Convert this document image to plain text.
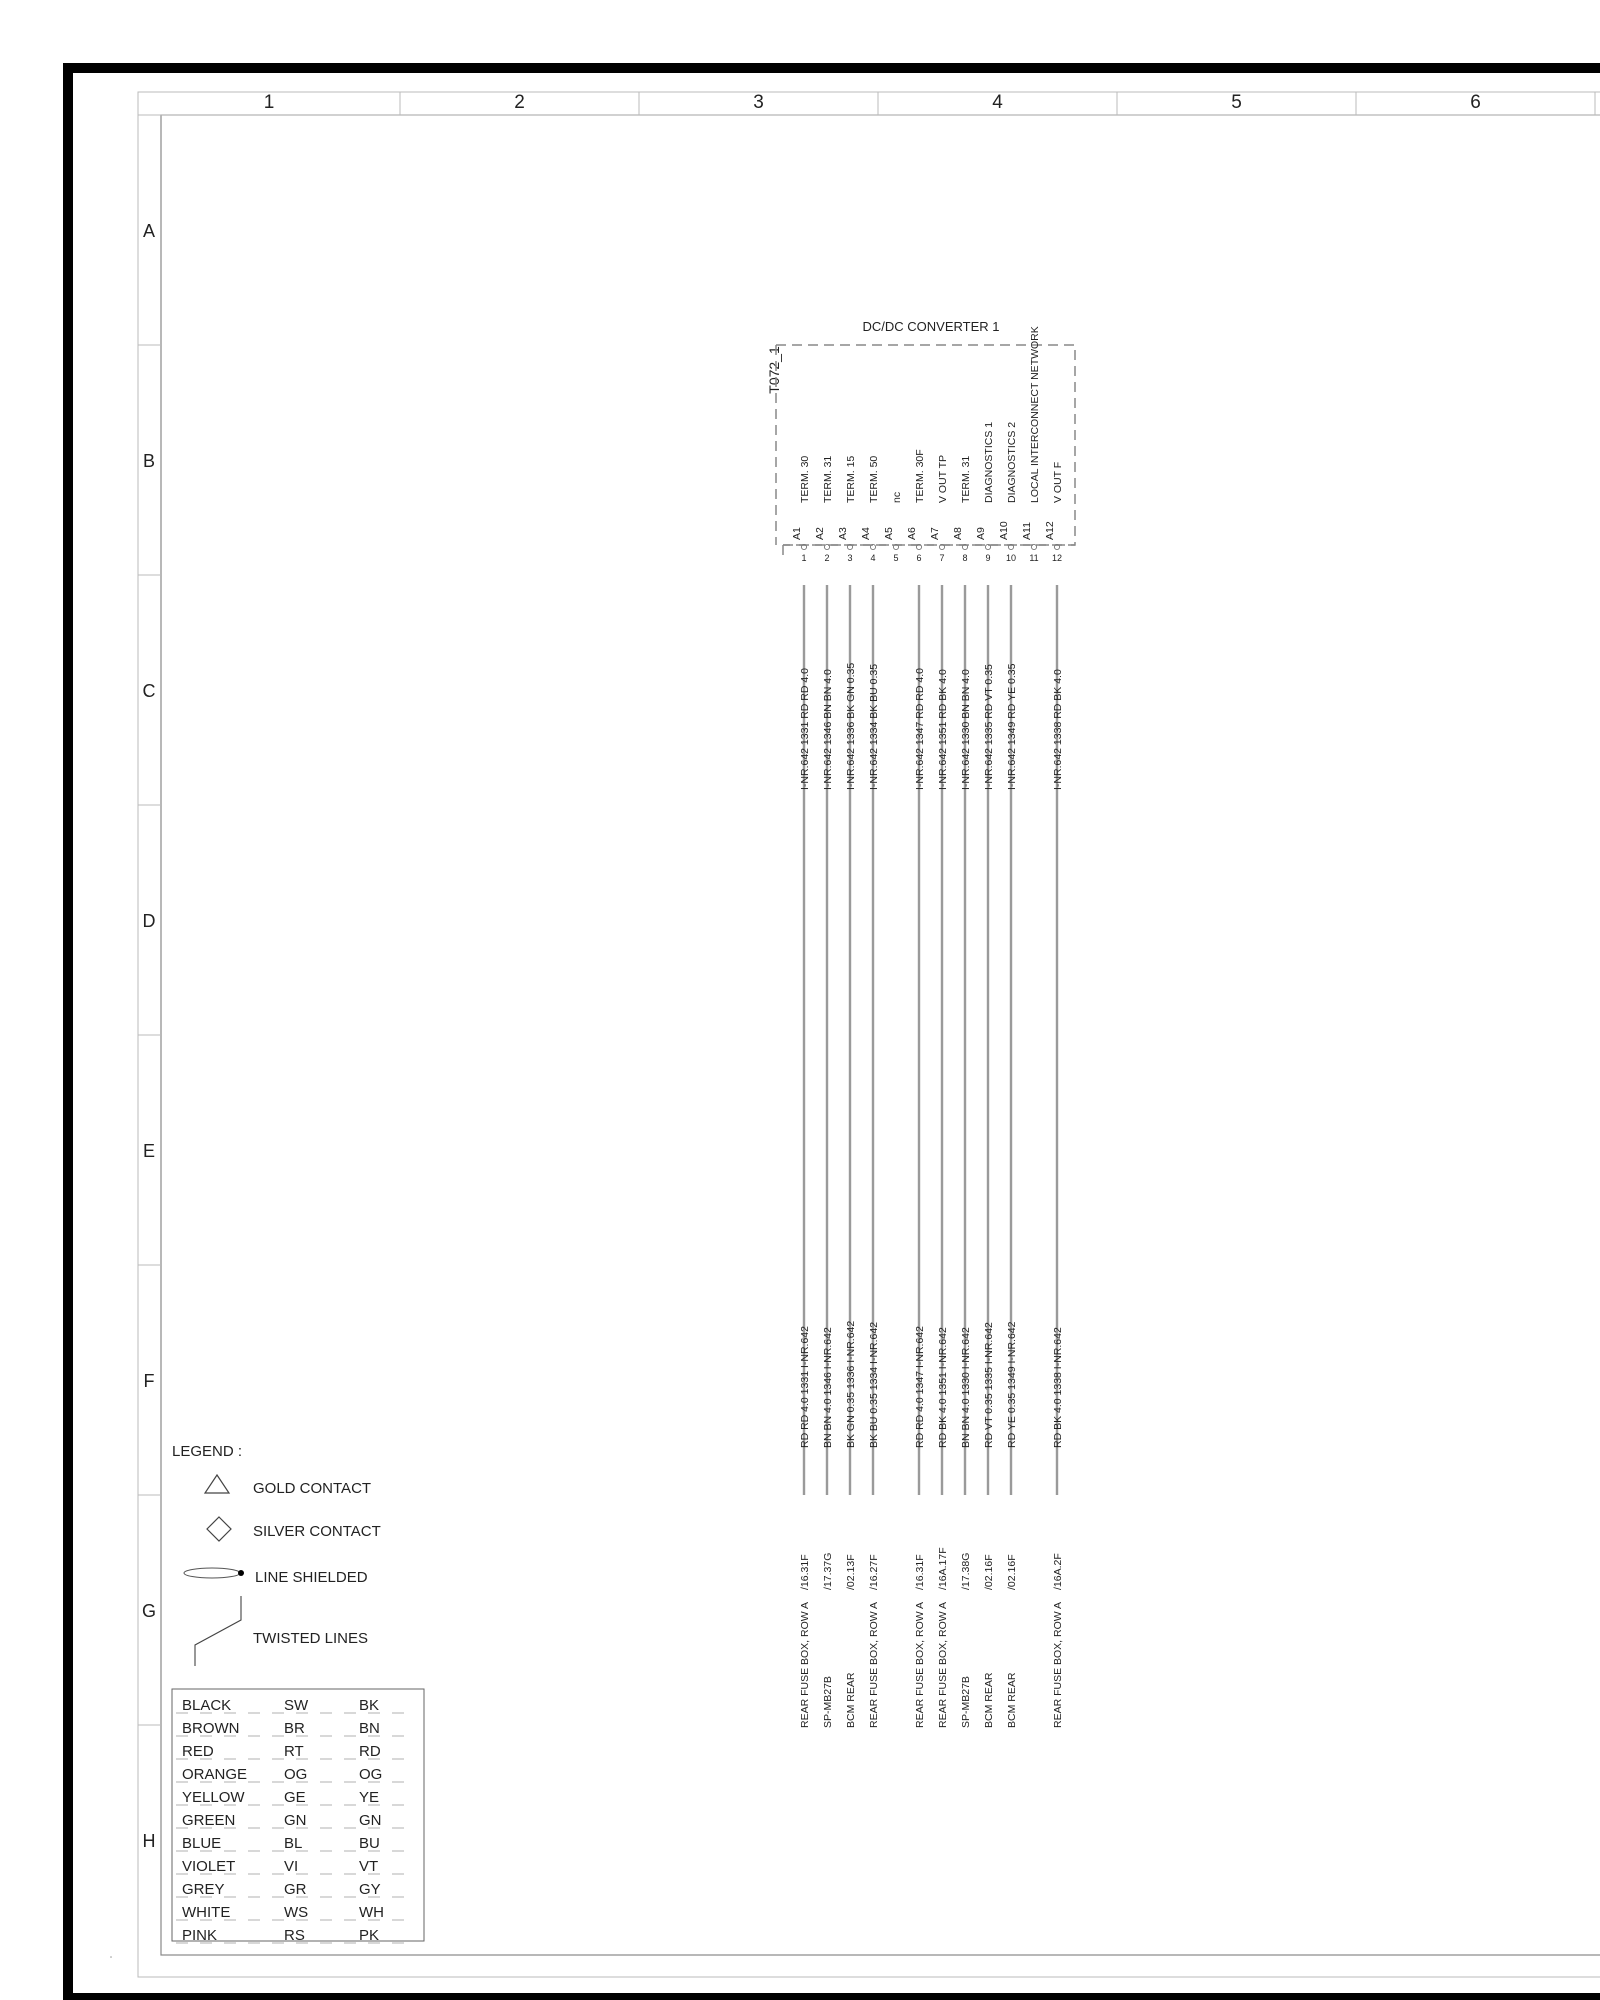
1	2	3	4	5	6
A
B
C
D
E
F
G
H
DC/DC CONVERTER 1
T072_1
TERM. 30
A1
1
TERM. 31
A2
2
TERM. 15
A3
3
TERM. 50
A4
4
nc
A5
5
TERM. 30F
A6
6
V OUT TP
A7
7
TERM. 31
A8
8
DIAGNOSTICS 1
A9
9
DIAGNOSTICS 2
A10
10
LOCAL INTERCONNECT NETWORK
A11
11
V OUT F
A12
12
I-NR.642 1331 RD RD 4.0
RD RD 4.0 1331 I-NR.642
/16.31F
REAR FUSE BOX, ROW A
I-NR.642 1346 BN BN 4.0
BN BN 4.0 1346 I-NR.642
/17.37G
SP-MB27B
I-NR.642 1336 BK GN 0.35
BK GN 0.35 1336 I-NR.642
/02.13F
BCM REAR
I-NR.642 1334 BK BU 0.35
BK BU 0.35 1334 I-NR.642
/16.27F
REAR FUSE BOX, ROW A
I-NR.642 1347 RD RD 4.0
RD RD 4.0 1347 I-NR.642
/16.31F
REAR FUSE BOX, ROW A
I-NR.642 1351 RD BK 4.0
RD BK 4.0 1351 I-NR.642
/16A.17F
REAR FUSE BOX, ROW A
I-NR.642 1330 BN BN 4.0
BN BN 4.0 1330 I-NR.642
/17.38G
SP-MB27B
I-NR.642 1335 RD VT 0.35
RD VT 0.35 1335 I-NR.642
/02.16F
BCM REAR
I-NR.642 1349 RD YE 0.35
RD YE 0.35 1349 I-NR.642
/02.16F
BCM REAR
I-NR.642 1338 RD BK 4.0
RD BK 4.0 1338 I-NR.642
/16A.2F
REAR FUSE BOX, ROW A
LEGEND :
GOLD CONTACT
SILVER CONTACT
LINE SHIELDED
TWISTED LINES
BLACK	SW	BK
BROWN	BR	BN
RED	RT	RD
ORANGE OG	OG
YELLOW	GE	YE
GREEN	GN	GN
BLUE	BL	BU
VIOLET	VI	VT
GREY	GR	GY
WHITE	WS	WH
PINK	RS	PK
